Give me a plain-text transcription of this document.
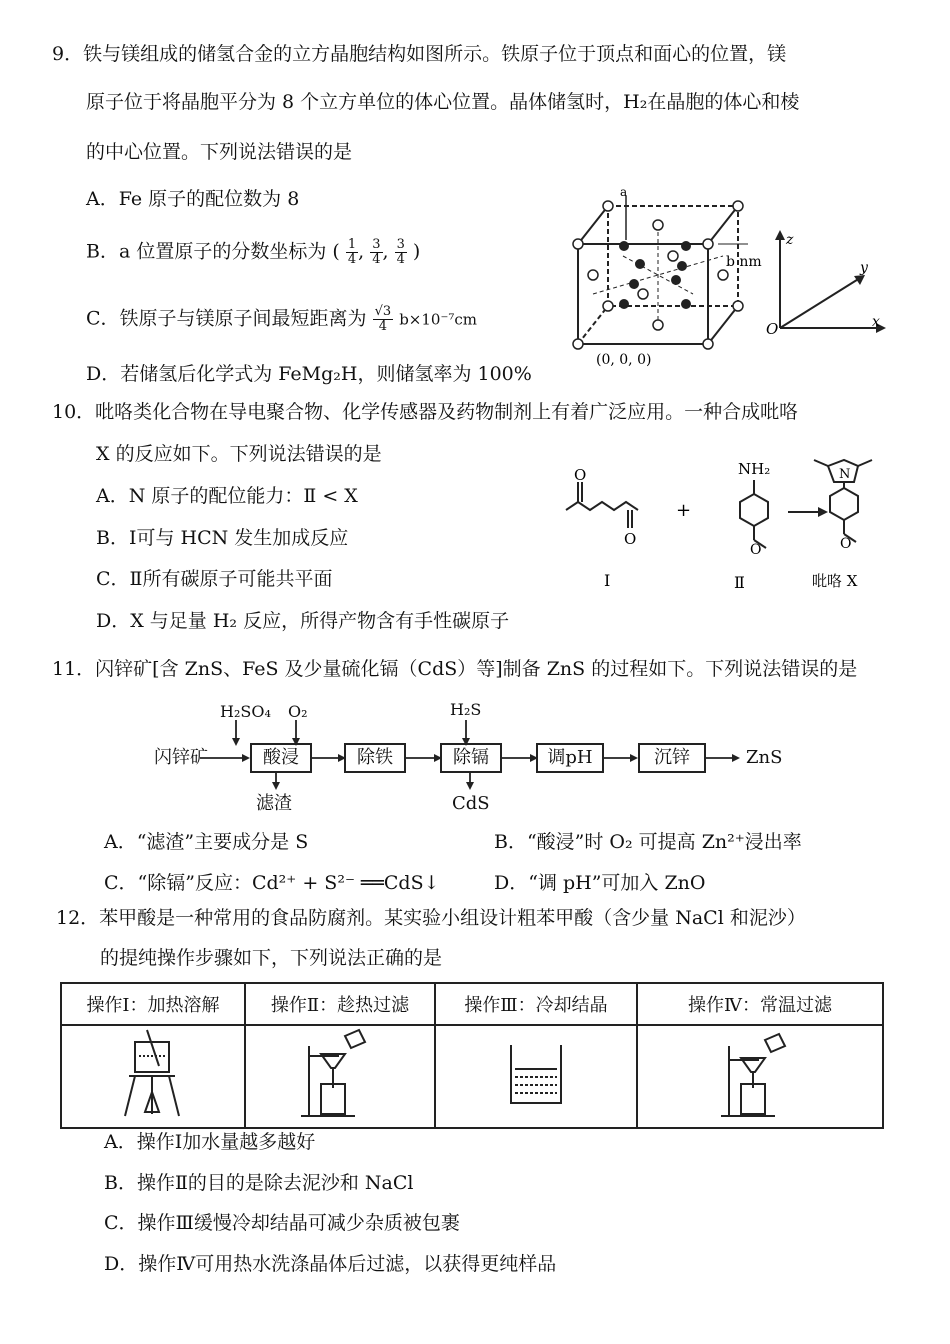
9．铁与镁组成的储氢合金的立方晶胞结构如图所示。铁原子位于顶点和面心的位置，镁
原子位于将晶胞平分为 8 个立方单位的体心位置。晶体储氢时，H₂在晶胞的体心和棱
的中心位置。下列说法错误的是
A．Fe 原子的配位数为 8
B．a 位置原子的分数坐标为 ( $\frac{1}{4}$ , $\frac{3}{4}$ , $\frac{3}{4}$ )
C．铁原子与镁原子间最短距离为 $\frac{√3}{4} b\times 10^{-7}cm$
D．若储氢后化学式为 FeMg₂H，则储氢率为 100%
a
b nm
(0, 0, 0)
z
y
x
O
10．吡咯类化合物在导电聚合物、化学传感器及药物制剂上有着广泛应用。一种合成吡咯
X 的反应如下。下列说法错误的是
A．N 原子的配位能力：Ⅱ < X
B．Ⅰ可与 HCN 发生加成反应
C．Ⅱ所有碳原子可能共平面
D．X 与足量 H₂ 反应，所得产物含有手性碳原子
O
O
+
NH₂
O
N
O
Ⅰ	Ⅱ	吡咯 X
11．闪锌矿[含 ZnS、FeS 及少量硫化镉（CdS）等]制备 ZnS 的过程如下。下列说法错误的是
H₂SO₄ O₂	H₂S
闪锌矿	酸浸	除铁	除镉	调pH	沉锌	ZnS
滤渣	CdS
A．“滤渣”主要成分是 S	B．“酸浸”时 O₂ 可提高 Zn²⁺浸出率
C．“除镉”反应：Cd²⁺ + S²⁻ ══CdS↓	D．“调 pH”可加入 ZnO
12．苯甲酸是一种常用的食品防腐剂。某实验小组设计粗苯甲酸（含少量 NaCl 和泥沙）
的提纯操作步骤如下，下列说法正确的是
操作Ⅰ：加热溶解	操作Ⅱ：趁热过滤	操作Ⅲ：冷却结晶	操作Ⅳ：常温过滤

A．操作Ⅰ加水量越多越好
B．操作Ⅱ的目的是除去泥沙和 NaCl
C．操作Ⅲ缓慢冷却结晶可减少杂质被包裹
D．操作Ⅳ可用热水洗涤晶体后过滤，以获得更纯样品
